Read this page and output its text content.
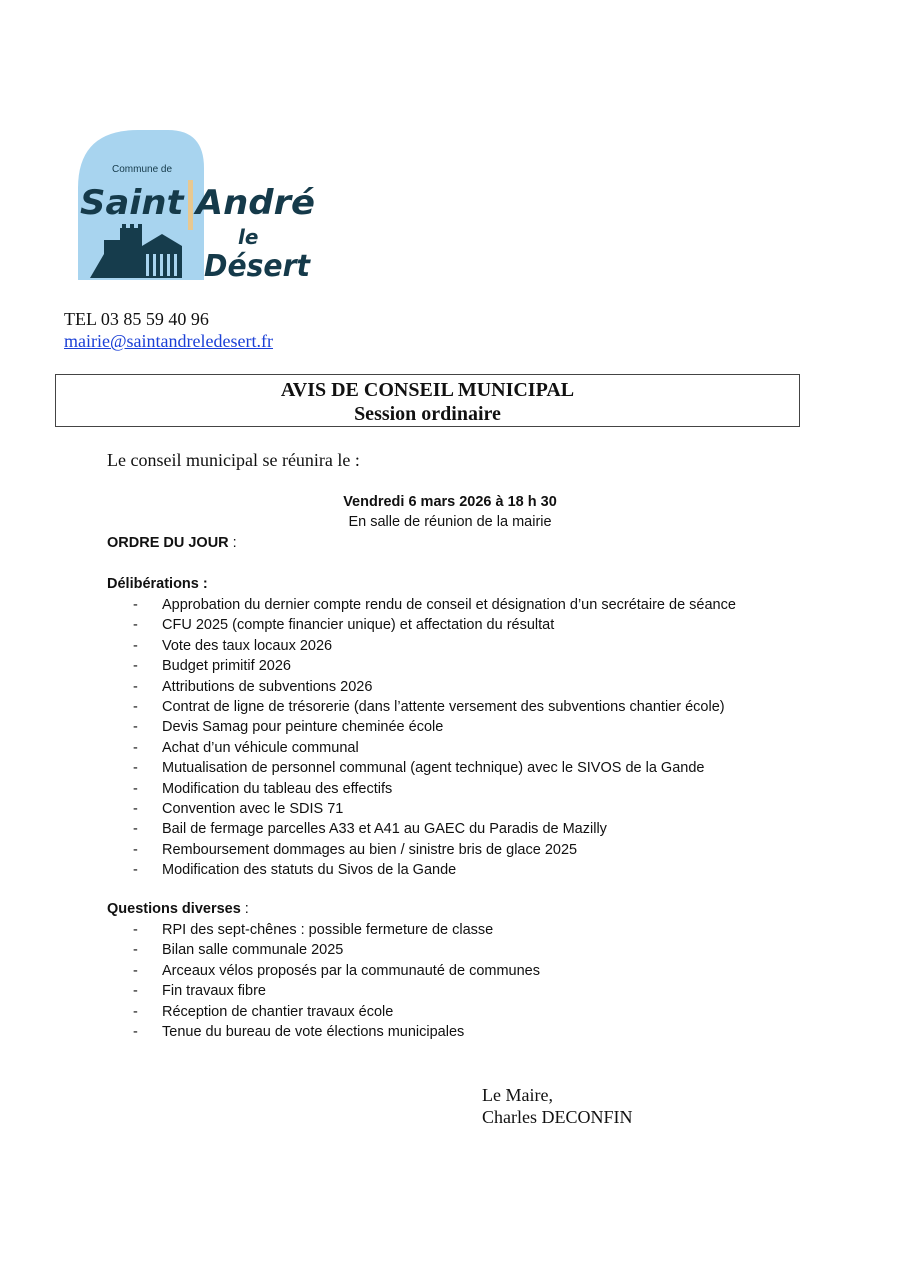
Commune de
Saint André
le
Désert
TEL 03 85 59 40 96
mairie@saintandreledesert.fr
AVIS DE CONSEIL MUNICIPAL
Session ordinaire
Le conseil municipal se réunira le :
Vendredi 6 mars 2026 à 18 h 30
En salle de réunion de la mairie
ORDRE DU JOUR :
Délibérations :
- Approbation du dernier compte rendu de conseil et désignation d’un secrétaire de séance
- CFU 2025 (compte financier unique) et affectation du résultat
- Vote des taux locaux 2026
- Budget primitif 2026
- Attributions de subventions 2026
- Contrat de ligne de trésorerie (dans l’attente versement des subventions chantier école)
- Devis Samag pour peinture cheminée école
- Achat d’un véhicule communal
- Mutualisation de personnel communal (agent technique) avec le SIVOS de la Gande
- Modification du tableau des effectifs
- Convention avec le SDIS 71
- Bail de fermage parcelles A33 et A41 au GAEC du Paradis de Mazilly
- Remboursement dommages au bien / sinistre bris de glace 2025
- Modification des statuts du Sivos de la Gande
Questions diverses :
- RPI des sept-chênes : possible fermeture de classe
- Bilan salle communale 2025
- Arceaux vélos proposés par la communauté de communes
- Fin travaux fibre
- Réception de chantier travaux école
- Tenue du bureau de vote élections municipales
Le Maire,
Charles DECONFIN
